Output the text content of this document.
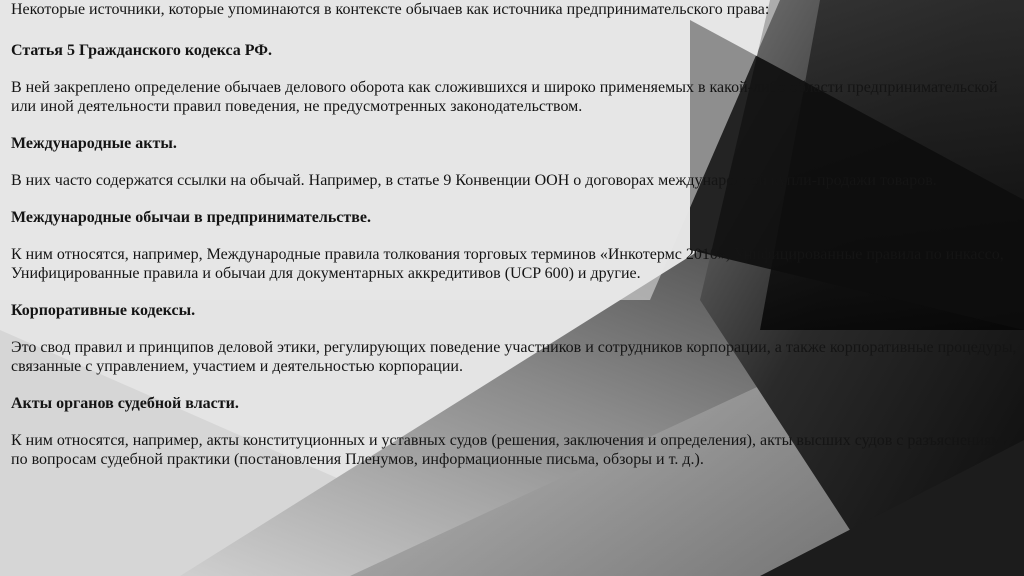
Некоторые источники, которые упоминаются в контексте обычаев как источника предпринимательского права:

Статья 5 Гражданского кодекса РФ.

В ней закреплено определение обычаев делового оборота как сложившихся и широко применяемых в какой-либо области предпринимательской или иной деятельности правил поведения, не предусмотренных законодательством.

Международные акты.

В них часто содержатся ссылки на обычай. Например, в статье 9 Конвенции ООН о договорах международной купли-продажи товаров.

Международные обычаи в предпринимательстве.

К ним относятся, например, Международные правила толкования торговых терминов «Инкотермс 2010», Унифицированные правила по инкассо, Унифицированные правила и обычаи для документарных аккредитивов (UCP 600) и другие.

Корпоративные кодексы.

Это свод правил и принципов деловой этики, регулирующих поведение участников и сотрудников корпорации, а также корпоративные процедуры, связанные с управлением, участием и деятельностью корпорации.

Акты органов судебной власти.

К ним относятся, например, акты конституционных и уставных судов (решения, заключения и определения), акты высших судов с разъяснениями по вопросам судебной практики (постановления Пленумов, информационные письма, обзоры и т. д.).
